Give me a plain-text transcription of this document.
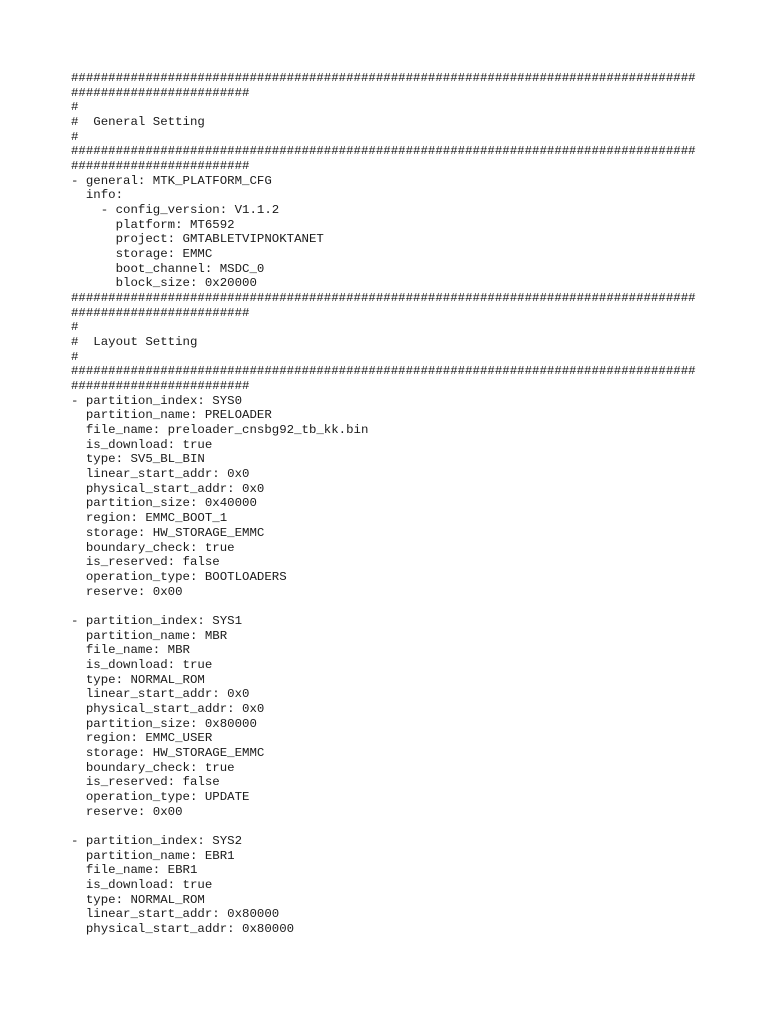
####################################################################################
########################
#
#  General Setting
#
####################################################################################
########################
- general: MTK_PLATFORM_CFG
info:
- config_version: V1.1.2
platform: MT6592
project: GMTABLETVIPNOKTANET
storage: EMMC
boot_channel: MSDC_0
block_size: 0x20000
####################################################################################
########################
#
#  Layout Setting
#
####################################################################################
########################
- partition_index: SYS0
partition_name: PRELOADER
file_name: preloader_cnsbg92_tb_kk.bin
is_download: true
type: SV5_BL_BIN
linear_start_addr: 0x0
physical_start_addr: 0x0
partition_size: 0x40000
region: EMMC_BOOT_1
storage: HW_STORAGE_EMMC
boundary_check: true
is_reserved: false
operation_type: BOOTLOADERS
reserve: 0x00
- partition_index: SYS1
partition_name: MBR
file_name: MBR
is_download: true
type: NORMAL_ROM
linear_start_addr: 0x0
physical_start_addr: 0x0
partition_size: 0x80000
region: EMMC_USER
storage: HW_STORAGE_EMMC
boundary_check: true
is_reserved: false
operation_type: UPDATE
reserve: 0x00
- partition_index: SYS2
partition_name: EBR1
file_name: EBR1
is_download: true
type: NORMAL_ROM
linear_start_addr: 0x80000
physical_start_addr: 0x80000
